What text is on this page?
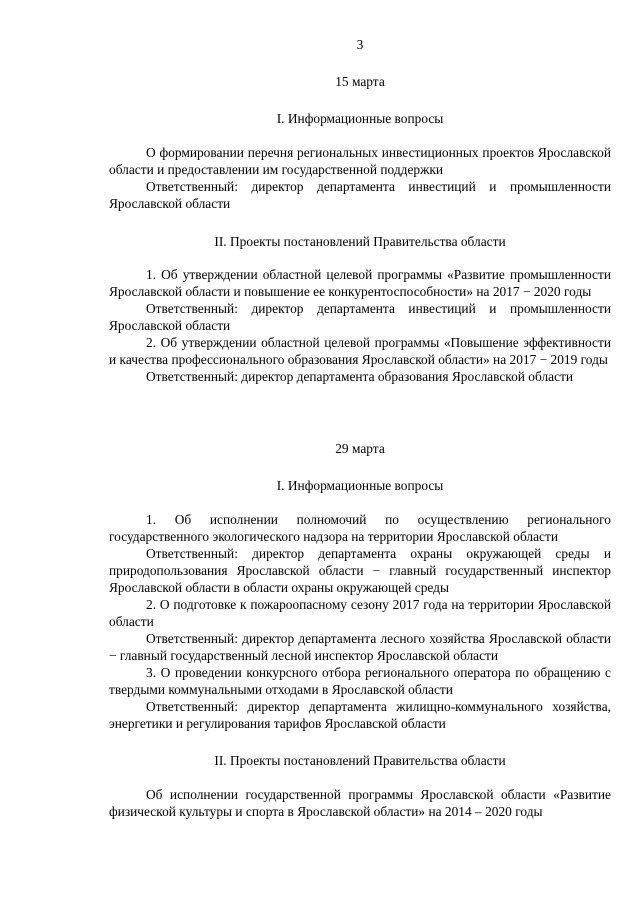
3
15 марта
I. Информационные вопросы

О формировании перечня региональных инвестиционных проектов Ярославской области и предоставлении им государственной поддержки

Ответственный: директор департамента инвестиций и промышленности Ярославской области

II. Проекты постановлений Правительства области

1. Об утверждении областной целевой программы «Развитие промышленности Ярославской области и повышение ее конкурентоспособности» на 2017 − 2020 годы

Ответственный: директор департамента инвестиций и промышленности Ярославской области

2. Об утверждении областной целевой программы «Повышение эффективности и качества профессионального образования Ярославской области» на 2017 − 2019 годы

Ответственный: директор департамента образования Ярославской области

29 марта
I. Информационные вопросы

1. Об исполнении полномочий по осуществлению регионального государственного экологического надзора на территории Ярославской области

Ответственный: директор департамента охраны окружающей среды и природопользования Ярославской области − главный государственный инспектор Ярославской области в области охраны окружающей среды

2. О подготовке к пожароопасному сезону 2017 года на территории Ярославской области

Ответственный: директор департамента лесного хозяйства Ярославской области − главный государственный лесной инспектор Ярославской области

3. О проведении конкурсного отбора регионального оператора по обращению с твердыми коммунальными отходами в Ярославской области

Ответственный: директор департамента жилищно-коммунального хозяйства, энергетики и регулирования тарифов Ярославской области

II. Проекты постановлений Правительства области

Об исполнении государственной программы Ярославской области «Развитие физической культуры и спорта в Ярославской области» на 2014 – 2020 годы
